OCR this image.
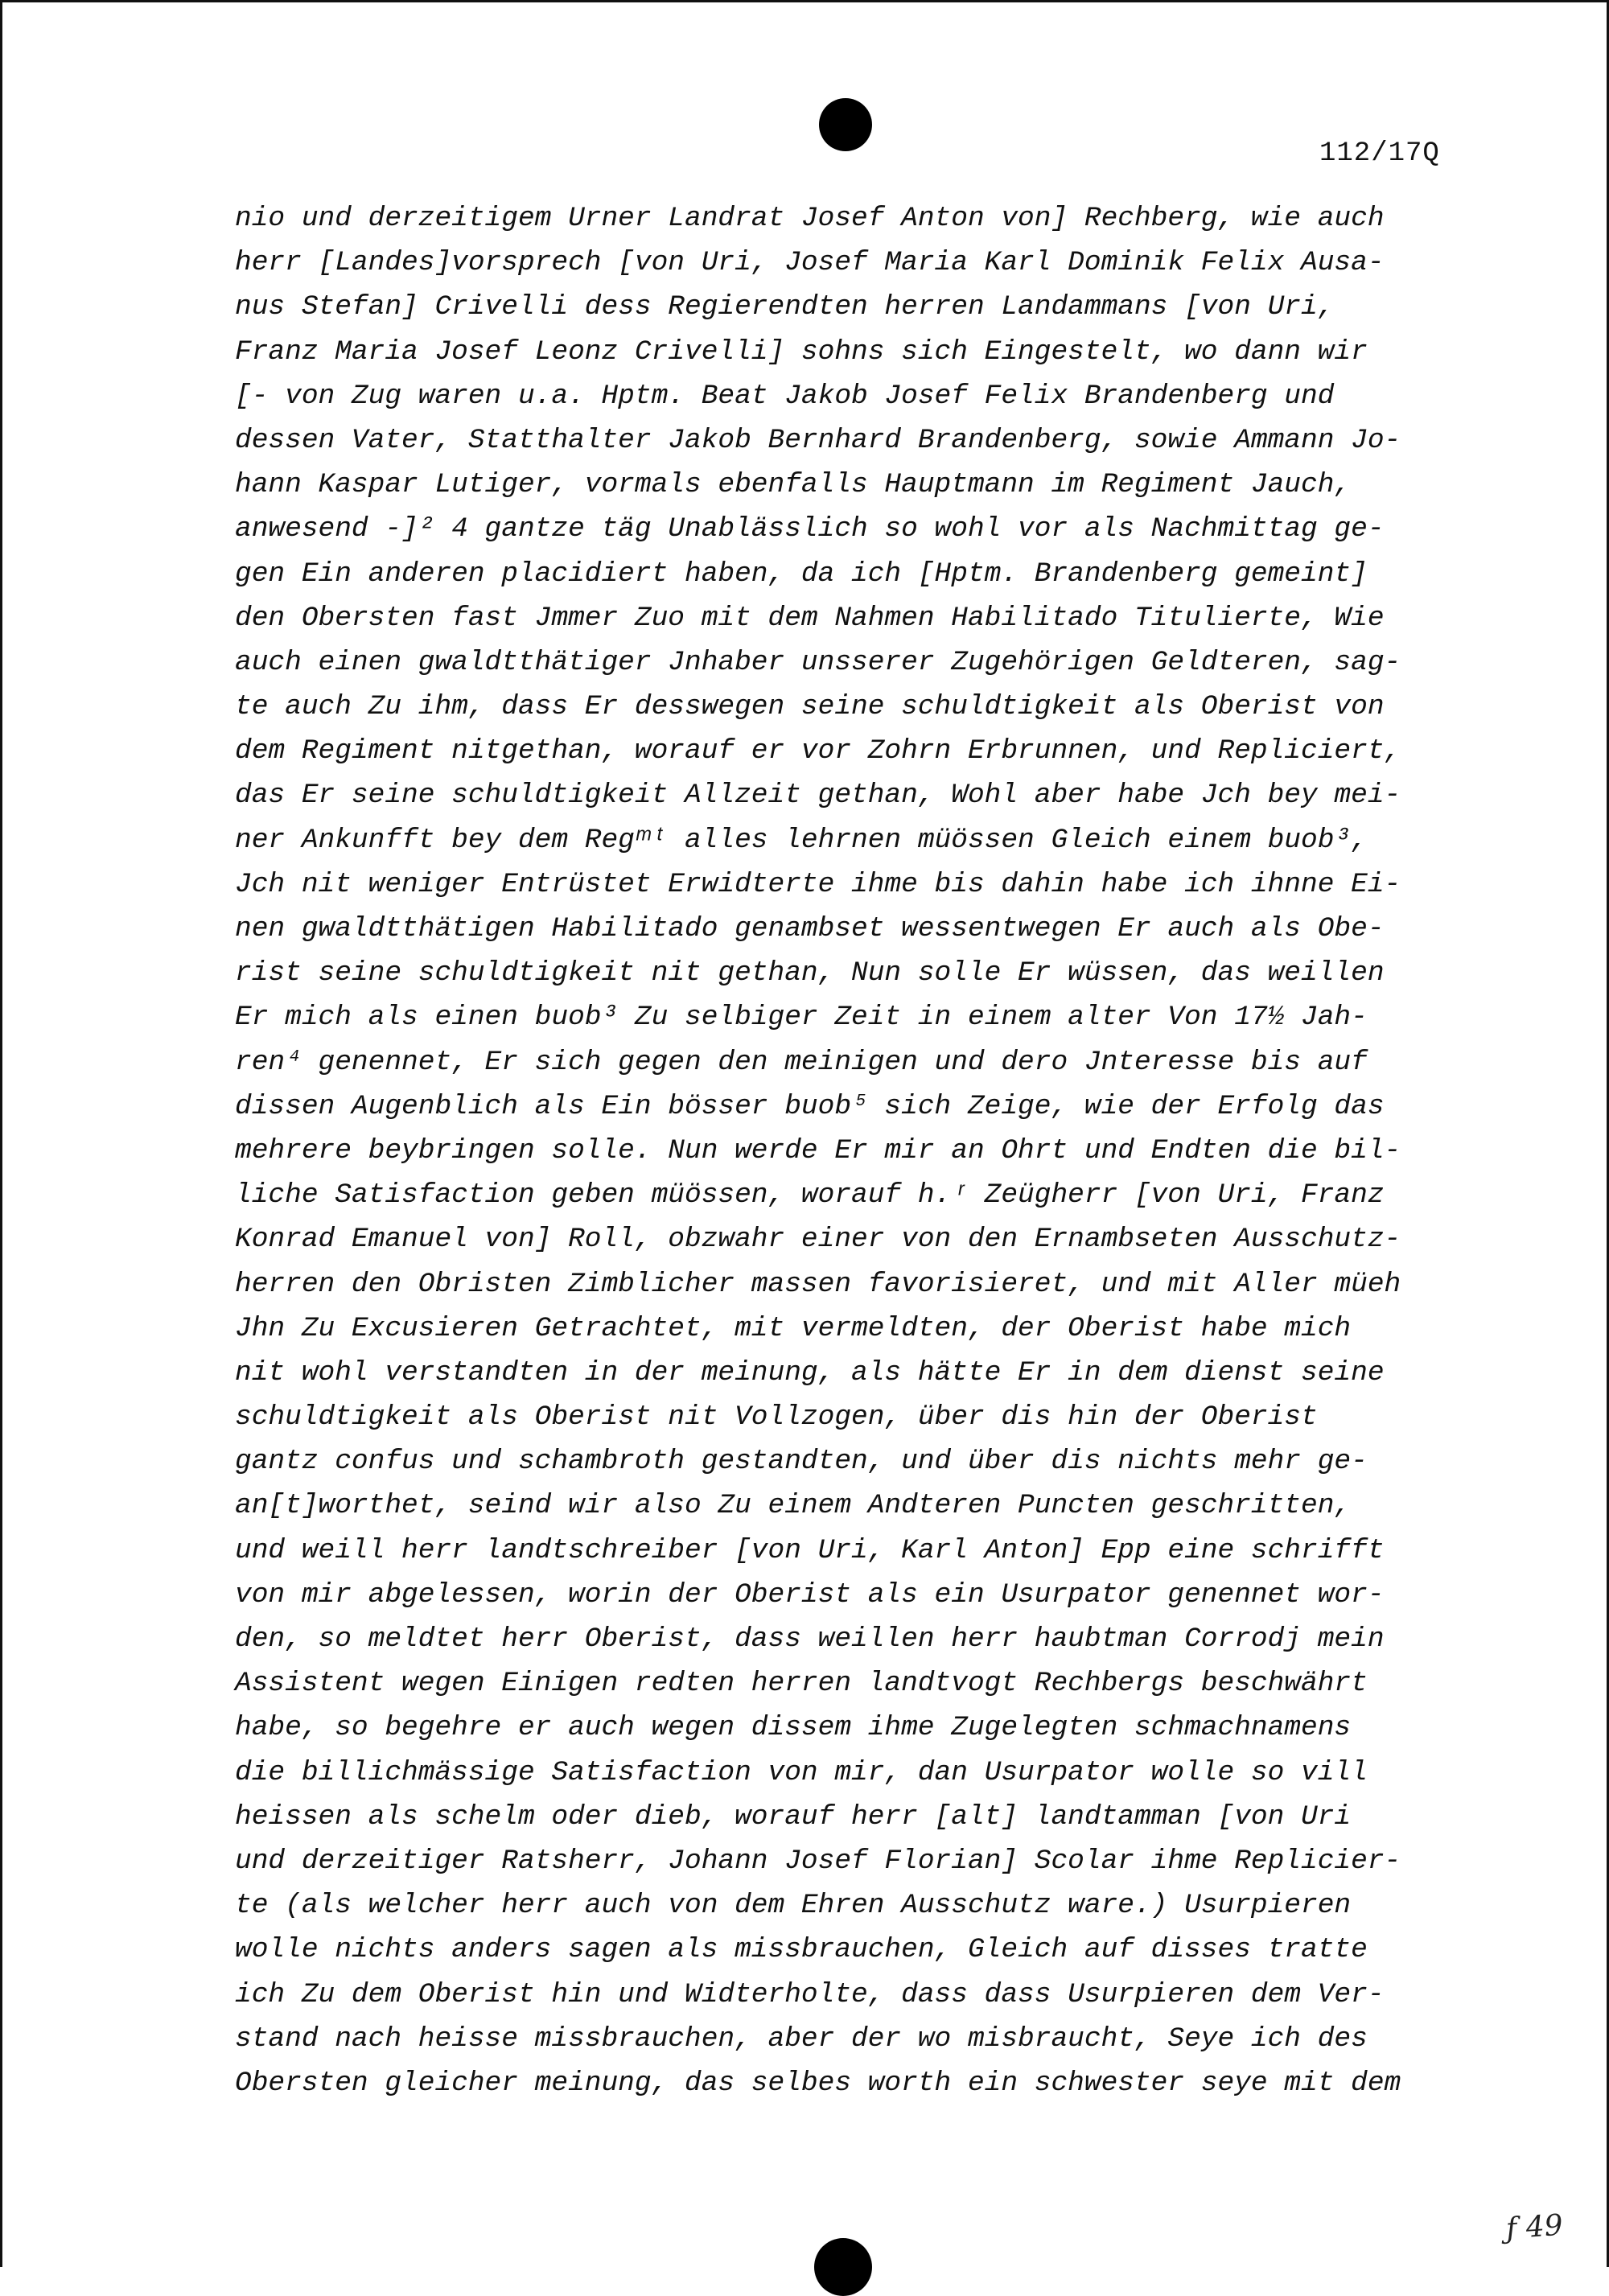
112/17Q
nio und derzeitigem Urner Landrat Josef Anton von] Rechberg, wie auch
herr [Landes]vorsprech [von Uri, Josef Maria Karl Dominik Felix Ausa-
nus Stefan] Crivelli dess Regierendten herren Landammans [von Uri,
Franz Maria Josef Leonz Crivelli] sohns sich Eingestelt, wo dann wir
[- von Zug waren u.a. Hptm. Beat Jakob Josef Felix Brandenberg und
dessen Vater, Statthalter Jakob Bernhard Brandenberg, sowie Ammann Jo-
hann Kaspar Lutiger, vormals ebenfalls Hauptmann im Regiment Jauch,
anwesend -]² 4 gantze täg Unablässlich so wohl vor als Nachmittag ge-
gen Ein anderen placidiert haben, da ich [Hptm. Brandenberg gemeint]
den Obersten fast Jmmer Zuo mit dem Nahmen Habilitado Titulierte, Wie
auch einen gwaldtthätiger Jnhaber unsserer Zugehörigen Geldteren, sag-
te auch Zu ihm, dass Er desswegen seine schuldtigkeit als Oberist von
dem Regiment nitgethan, worauf er vor Zohrn Erbrunnen, und Repliciert,
das Er seine schuldtigkeit Allzeit gethan, Wohl aber habe Jch bey mei-
ner Ankunfft bey dem Regᵐᵗ alles lehrnen müössen Gleich einem buob³,
Jch nit weniger Entrüstet Erwidterte ihme bis dahin habe ich ihnne Ei-
nen gwaldtthätigen Habilitado genambset wessentwegen Er auch als Obe-
rist seine schuldtigkeit nit gethan, Nun solle Er wüssen, das weillen
Er mich als einen buob³ Zu selbiger Zeit in einem alter Von 17½ Jah-
ren⁴ genennet, Er sich gegen den meinigen und dero Jnteresse bis auf
dissen Augenblich als Ein bösser buob⁵ sich Zeige, wie der Erfolg das
mehrere beybringen solle. Nun werde Er mir an Ohrt und Endten die bil-
liche Satisfaction geben müössen, worauf h.ʳ Zeügherr [von Uri, Franz
Konrad Emanuel von] Roll, obzwahr einer von den Ernambseten Ausschutz-
herren den Obristen Zimblicher massen favorisieret, und mit Aller müeh
Jhn Zu Excusieren Getrachtet, mit vermeldten, der Oberist habe mich
nit wohl verstandten in der meinung, als hätte Er in dem dienst seine
schuldtigkeit als Oberist nit Vollzogen, über dis hin der Oberist
gantz confus und schambroth gestandten, und über dis nichts mehr ge-
an[t]worthet, seind wir also Zu einem Andteren Puncten geschritten,
und weill herr landtschreiber [von Uri, Karl Anton] Epp eine schrifft
von mir abgelessen, worin der Oberist als ein Usurpator genennet wor-
den, so meldtet herr Oberist, dass weillen herr haubtman Corrodj mein
Assistent wegen Einigen redten herren landtvogt Rechbergs beschwährt
habe, so begehre er auch wegen dissem ihme Zugelegten schmachnamens
die billichmässige Satisfaction von mir, dan Usurpator wolle so vill
heissen als schelm oder dieb, worauf herr [alt] landtamman [von Uri
und derzeitiger Ratsherr, Johann Josef Florian] Scolar ihme Replicier-
te (als welcher herr auch von dem Ehren Ausschutz ware.) Usurpieren
wolle nichts anders sagen als missbrauchen, Gleich auf disses tratte
ich Zu dem Oberist hin und Widterholte, dass dass Usurpieren dem Ver-
stand nach heisse missbrauchen, aber der wo misbraucht, Seye ich des
Obersten gleicher meinung, das selbes worth ein schwester seye mit dem
ƒ 49
